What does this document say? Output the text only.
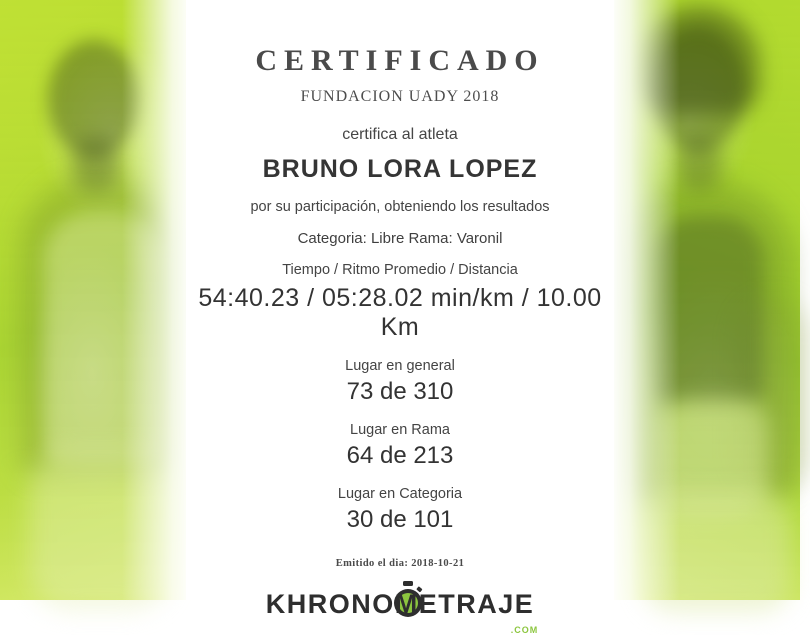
CERTIFICADO
FUNDACION UADY 2018
certifica al atleta
BRUNO LORA LOPEZ
por su participación, obteniendo los resultados
Categoria: Libre Rama: Varonil
Tiempo / Ritmo Promedio / Distancia
54:40.23 / 05:28.02 min/km / 10.00 Km
Lugar en general
73 de 310
Lugar en Rama
64 de 213
Lugar en Categoria
30 de 101
Emitido el dia: 2018-10-21
KHRONOMETRAJE
.COM
